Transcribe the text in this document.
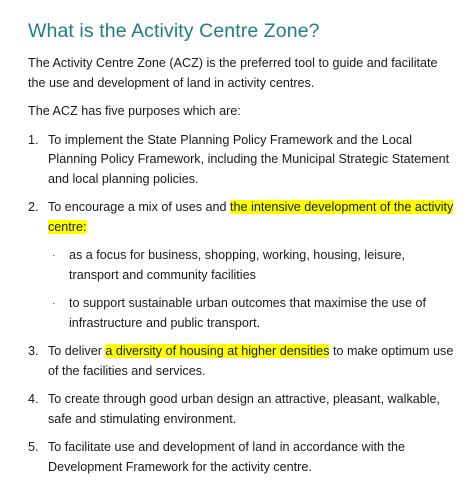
What is the Activity Centre Zone?

The Activity Centre Zone (ACZ) is the preferred tool to guide and facilitate the use and development of land in activity centres.

The ACZ has five purposes which are:

1. To implement the State Planning Policy Framework and the Local Planning Policy Framework, including the Municipal Strategic Statement and local planning policies.
2. To encourage a mix of uses and the intensive development of the activity centre:
· as a focus for business, shopping, working, housing, leisure, transport and community facilities
· to support sustainable urban outcomes that maximise the use of infrastructure and public transport.
3. To deliver a diversity of housing at higher densities to make optimum use of the facilities and services.
4. To create through good urban design an attractive, pleasant, walkable, safe and stimulating environment.
5. To facilitate use and development of land in accordance with the Development Framework for the activity centre.
